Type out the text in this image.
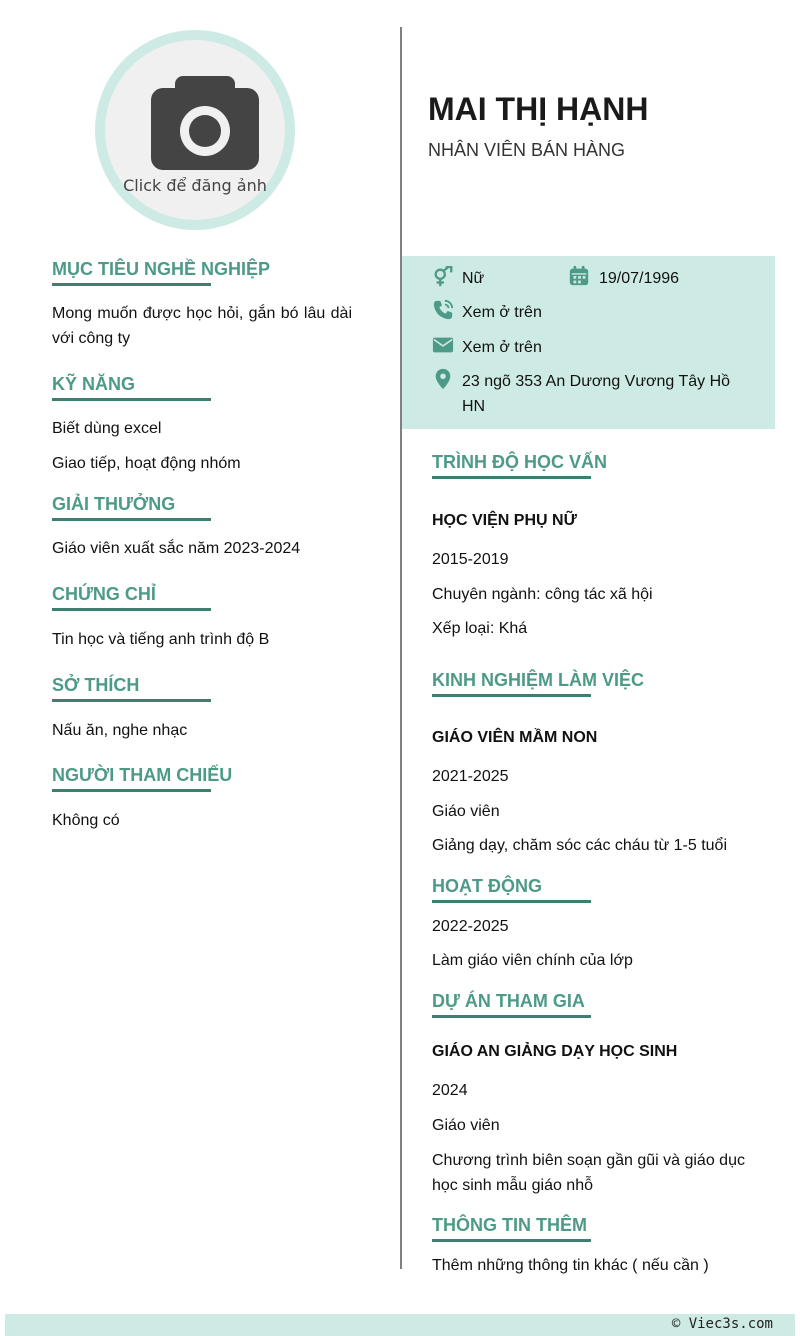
Click để đăng ảnh
MỤC TIÊU NGHỀ NGHIỆP
Mong muốn được học hỏi, gắn bó lâu dài với công ty
KỸ NĂNG
Biết dùng excel
Giao tiếp, hoạt động nhóm
GIẢI THƯỞNG
Giáo viên xuất sắc năm 2023-2024
CHỨNG CHỈ
Tin học và tiếng anh trình độ B
SỞ THÍCH
Nấu ăn, nghe nhạc
NGƯỜI THAM CHIẾU
Không có
MAI THỊ HẠNH
NHÂN VIÊN BÁN HÀNG
Nữ	19/07/1996
Xem ở trên
Xem ở trên
23 ngõ 353 An Dương Vương Tây Hồ HN
TRÌNH ĐỘ HỌC VẤN
HỌC VIỆN PHỤ NỮ
2015-2019
Chuyên ngành: công tác xã hội
Xếp loại: Khá
KINH NGHIỆM LÀM VIỆC
GIÁO VIÊN MẦM NON
2021-2025
Giáo viên
Giảng dạy, chăm sóc các cháu từ 1-5 tuổi
HOẠT ĐỘNG
2022-2025
Làm giáo viên chính của lớp
DỰ ÁN THAM GIA
GIÁO AN GIẢNG DẠY HỌC SINH
2024
Giáo viên
Chương trình biên soạn gần gũi và giáo dục học sinh mẫu giáo nhỗ
THÔNG TIN THÊM
Thêm những thông tin khác ( nếu cần )
© Viec3s.com
